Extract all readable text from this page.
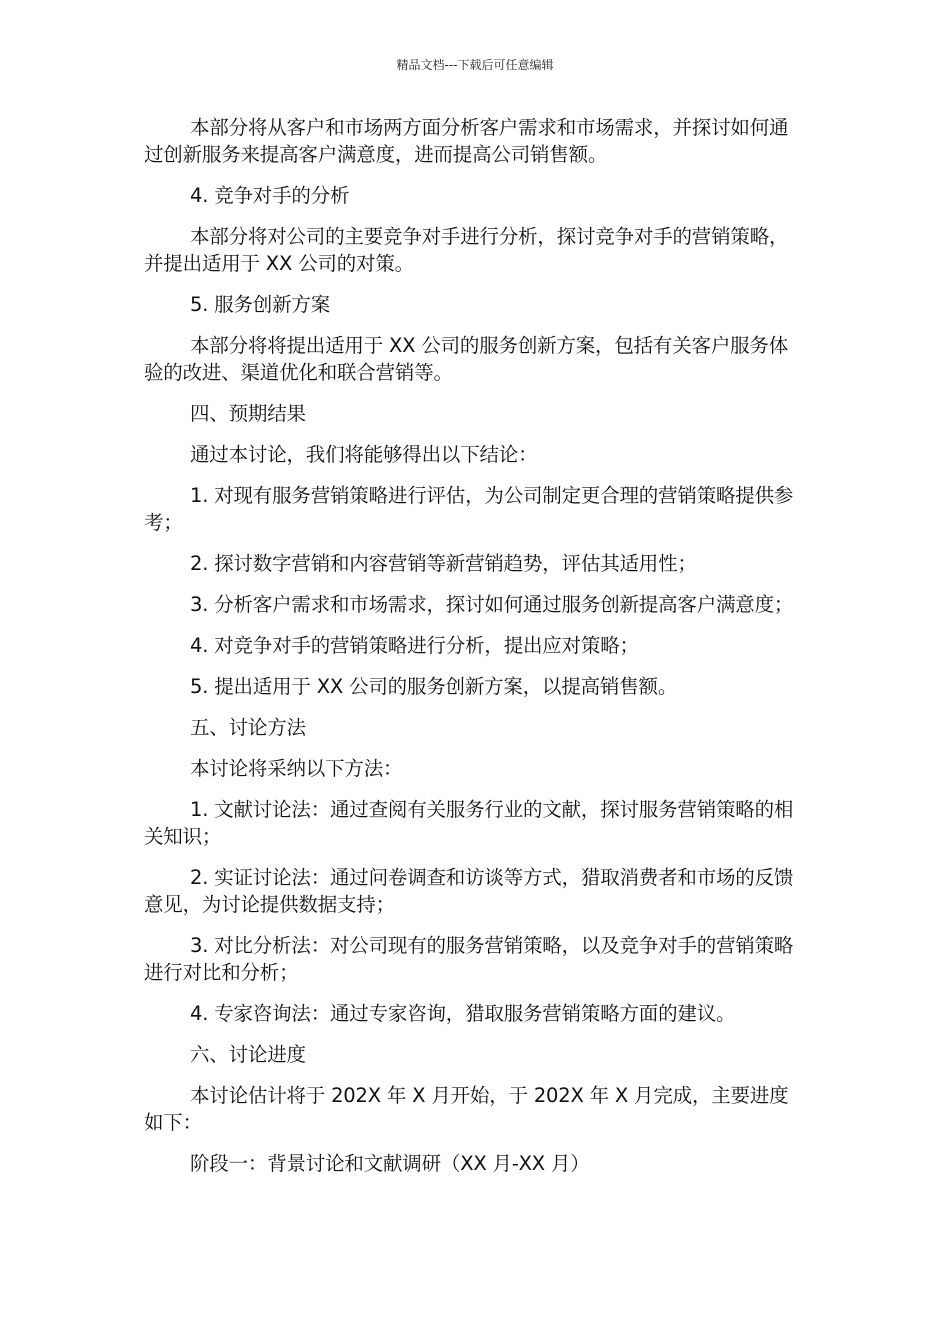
精品文档---下载后可任意编辑

本部分将从客户和市场两方面分析客户需求和市场需求，并探讨如何通过创新服务来提高客户满意度，进而提高公司销售额。

4. 竞争对手的分析

本部分将对公司的主要竞争对手进行分析，探讨竞争对手的营销策略，并提出适用于 XX 公司的对策。

5. 服务创新方案

本部分将将提出适用于 XX 公司的服务创新方案，包括有关客户服务体验的改进、渠道优化和联合营销等。

四、预期结果

通过本讨论，我们将能够得出以下结论：

1. 对现有服务营销策略进行评估，为公司制定更合理的营销策略提供参考；

2. 探讨数字营销和内容营销等新营销趋势，评估其适用性；

3. 分析客户需求和市场需求，探讨如何通过服务创新提高客户满意度；

4. 对竞争对手的营销策略进行分析，提出应对策略；

5. 提出适用于 XX 公司的服务创新方案，以提高销售额。

五、讨论方法

本讨论将采纳以下方法：

1. 文献讨论法：通过查阅有关服务行业的文献，探讨服务营销策略的相关知识；

2. 实证讨论法：通过问卷调查和访谈等方式，猎取消费者和市场的反馈意见，为讨论提供数据支持；

3. 对比分析法：对公司现有的服务营销策略，以及竞争对手的营销策略进行对比和分析；

4. 专家咨询法：通过专家咨询，猎取服务营销策略方面的建议。

六、讨论进度

本讨论估计将于 202X 年 X 月开始，于 202X 年 X 月完成，主要进度如下：

阶段一：背景讨论和文献调研（XX 月-XX 月）
